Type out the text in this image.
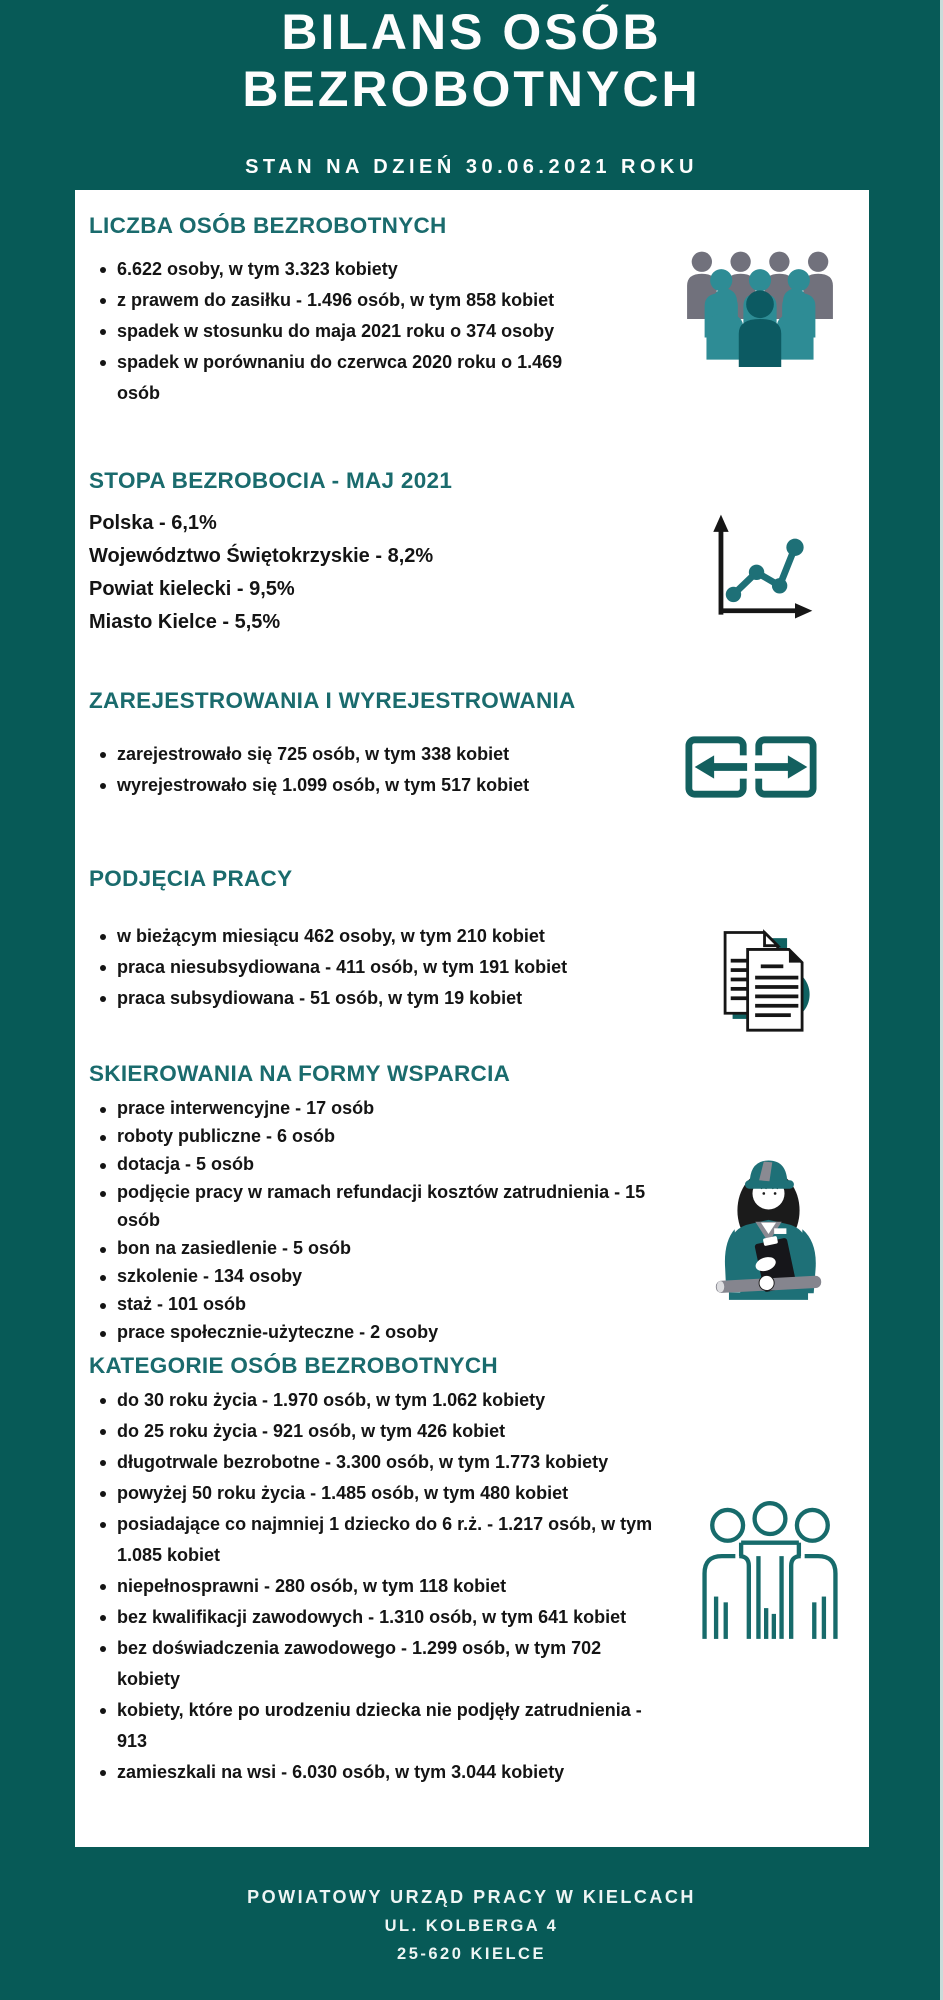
BILANS OSÓB
BEZROBOTNYCH
STAN NA DZIEŃ 30.06.2021 ROKU
LICZBA OSÓB BEZROBOTNYCH
6.622 osoby, w tym 3.323 kobiety
z prawem do zasiłku - 1.496 osób, w tym 858 kobiet
spadek w stosunku do maja 2021 roku o 374 osoby
spadek w porównaniu do czerwca 2020 roku o 1.469 osób
STOPA BEZROBOCIA - MAJ 2021
Polska - 6,1%
Województwo Świętokrzyskie - 8,2%
Powiat kielecki - 9,5%
Miasto Kielce - 5,5%
ZAREJESTROWANIA I WYREJESTROWANIA
zarejestrowało się 725 osób, w tym 338 kobiet
wyrejestrowało się 1.099 osób, w tym 517 kobiet
PODJĘCIA PRACY
w bieżącym miesiącu 462 osoby, w tym 210 kobiet
praca niesubsydiowana - 411 osób, w tym 191 kobiet
praca subsydiowana - 51 osób, w tym 19 kobiet
SKIEROWANIA NA FORMY WSPARCIA
prace interwencyjne - 17 osób
roboty publiczne - 6 osób
dotacja - 5 osób
podjęcie pracy w ramach refundacji kosztów zatrudnienia - 15 osób
bon na zasiedlenie - 5 osób
szkolenie - 134 osoby
staż - 101 osób
prace społecznie-użyteczne - 2 osoby
KATEGORIE OSÓB BEZROBOTNYCH
do 30 roku życia - 1.970 osób, w tym 1.062 kobiety
do 25 roku życia - 921 osób, w tym 426 kobiet
długotrwale bezrobotne - 3.300 osób, w tym 1.773 kobiety
powyżej 50 roku życia - 1.485 osób, w tym 480 kobiet
posiadające co najmniej 1 dziecko do 6 r.ż. - 1.217 osób, w tym 1.085 kobiet
niepełnosprawni - 280 osób, w tym 118 kobiet
bez kwalifikacji zawodowych - 1.310 osób, w tym 641 kobiet
bez doświadczenia zawodowego - 1.299 osób, w tym 702 kobiety
kobiety, które po urodzeniu dziecka nie podjęły zatrudnienia - 913
zamieszkali na wsi - 6.030 osób, w tym 3.044 kobiety
POWIATOWY URZĄD PRACY W KIELCACH
UL. KOLBERGA 4
25-620 KIELCE
